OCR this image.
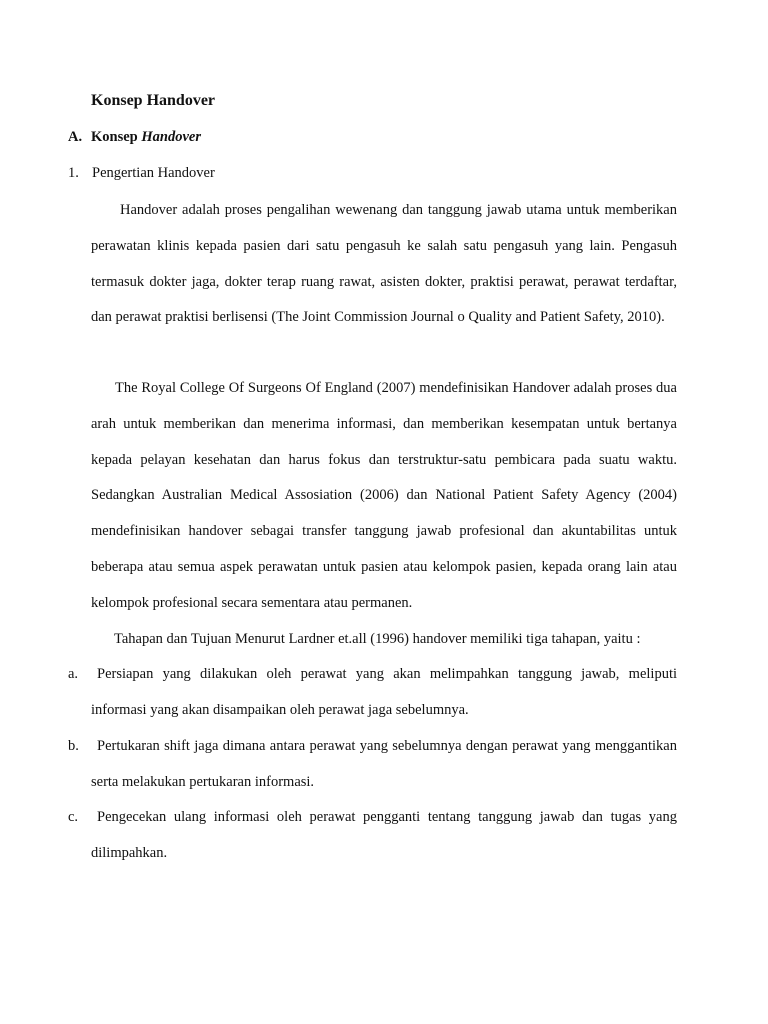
Konsep Handover
A. Konsep Handover
1. Pengertian Handover

Handover adalah proses pengalihan wewenang dan tanggung jawab utama untuk memberikan perawatan klinis kepada pasien dari satu pengasuh ke salah satu pengasuh yang lain. Pengasuh termasuk dokter jaga, dokter terap ruang rawat, asisten dokter, praktisi perawat, perawat terdaftar, dan perawat praktisi berlisensi (The Joint Commission Journal o Quality and Patient Safety, 2010).

The Royal College Of Surgeons Of England (2007) mendefinisikan Handover adalah proses dua arah untuk memberikan dan menerima informasi, dan memberikan kesempatan untuk bertanya kepada pelayan kesehatan dan harus fokus dan terstruktur-satu pembicara pada suatu waktu. Sedangkan Australian Medical Assosiation (2006) dan National Patient Safety Agency (2004) mendefinisikan handover sebagai transfer tanggung jawab profesional dan akuntabilitas untuk beberapa atau semua aspek perawatan untuk pasien atau kelompok pasien, kepada orang lain atau kelompok profesional secara sementara atau permanen.

Tahapan dan Tujuan Menurut Lardner et.all (1996) handover memiliki tiga tahapan, yaitu :

a.	Persiapan yang dilakukan oleh perawat yang akan melimpahkan tanggung jawab, meliputi informasi yang akan disampaikan oleh perawat jaga sebelumnya.
b.	Pertukaran shift jaga dimana antara perawat yang sebelumnya dengan perawat yang menggantikan serta melakukan pertukaran informasi.
c.	Pengecekan ulang informasi oleh perawat pengganti tentang tanggung jawab dan tugas yang dilimpahkan.
